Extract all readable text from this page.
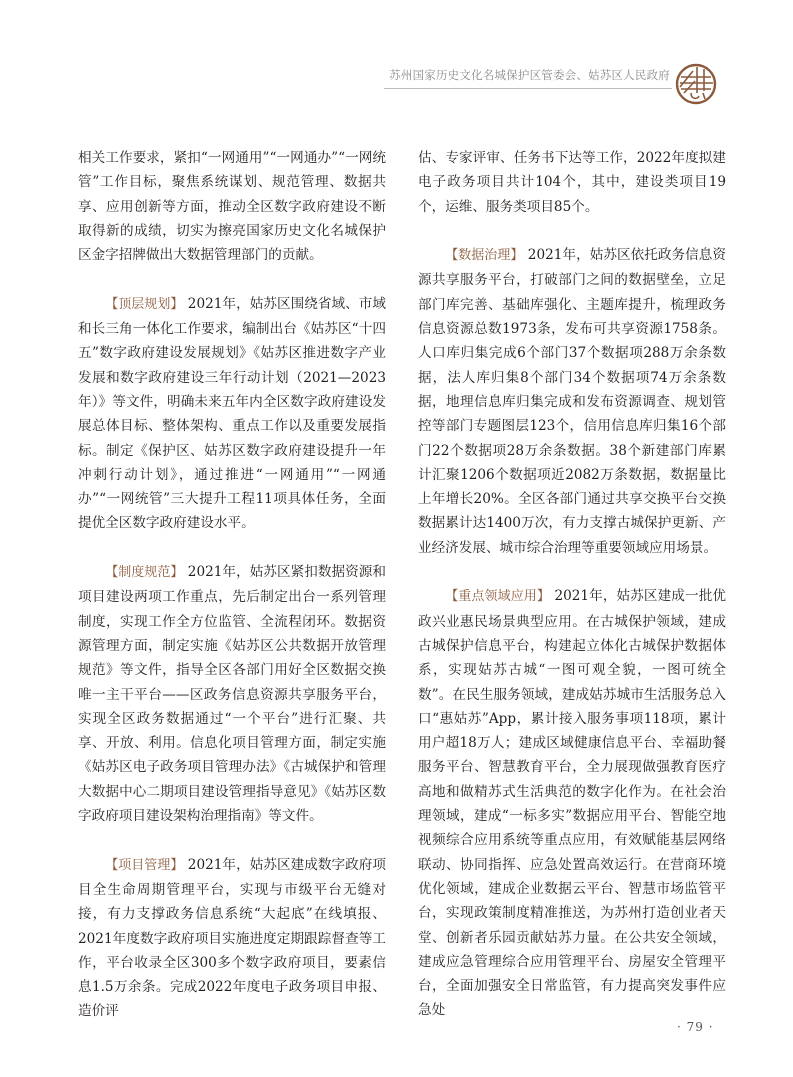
苏州国家历史文化名城保护区管委会、姑苏区人民政府

相关工作要求，紧扣“一网通用”“一网通办”“一网统管”工作目标，聚焦系统谋划、规范管理、数据共享、应用创新等方面，推动全区数字政府建设不断取得新的成绩，切实为擦亮国家历史文化名城保护区金字招牌做出大数据管理部门的贡献。

【顶层规划】 2021年，姑苏区围绕省域、市域和长三角一体化工作要求，编制出台《姑苏区“十四五”数字政府建设发展规划》《姑苏区推进数字产业发展和数字政府建设三年行动计划（2021—2023年）》等文件，明确未来五年内全区数字政府建设发展总体目标、整体架构、重点工作以及重要发展指标。制定《保护区、姑苏区数字政府建设提升一年冲刺行动计划》，通过推进“一网通用”“一网通办”“一网统管”三大提升工程11项具体任务，全面提优全区数字政府建设水平。

【制度规范】 2021年，姑苏区紧扣数据资源和项目建设两项工作重点，先后制定出台一系列管理制度，实现工作全方位监管、全流程闭环。数据资源管理方面，制定实施《姑苏区公共数据开放管理规范》等文件，指导全区各部门用好全区数据交换唯一主干平台——区政务信息资源共享服务平台，实现全区政务数据通过“一个平台”进行汇聚、共享、开放、利用。信息化项目管理方面，制定实施《姑苏区电子政务项目管理办法》《古城保护和管理大数据中心二期项目建设管理指导意见》《姑苏区数字政府项目建设架构治理指南》等文件。

【项目管理】 2021年，姑苏区建成数字政府项目全生命周期管理平台，实现与市级平台无缝对接，有力支撑政务信息系统“大起底”在线填报、2021年度数字政府项目实施进度定期跟踪督查等工作，平台收录全区300多个数字政府项目，要素信息1.5万余条。完成2022年度电子政务项目申报、造价评

估、专家评审、任务书下达等工作，2022年度拟建电子政务项目共计104个，其中，建设类项目19个，运维、服务类项目85个。

【数据治理】 2021年，姑苏区依托政务信息资源共享服务平台，打破部门之间的数据壁垒，立足部门库完善、基础库强化、主题库提升，梳理政务信息资源总数1973条，发布可共享资源1758条。人口库归集完成6个部门37个数据项288万余条数据，法人库归集8个部门34个数据项74万余条数据，地理信息库归集完成和发布资源调查、规划管控等部门专题图层123个，信用信息库归集16个部门22个数据项28万余条数据。38个新建部门库累计汇聚1206个数据项近2082万条数据，数据量比上年增长20%。全区各部门通过共享交换平台交换数据累计达1400万次，有力支撑古城保护更新、产业经济发展、城市综合治理等重要领域应用场景。

【重点领域应用】 2021年，姑苏区建成一批优政兴业惠民场景典型应用。在古城保护领域，建成古城保护信息平台，构建起立体化古城保护数据体系，实现姑苏古城“一图可观全貌，一图可统全数”。在民生服务领域，建成姑苏城市生活服务总入口“惠姑苏”App，累计接入服务事项118项，累计用户超18万人；建成区域健康信息平台、幸福助餐服务平台、智慧教育平台，全力展现做强教育医疗高地和做精苏式生活典范的数字化作为。在社会治理领域，建成“一标多实”数据应用平台、智能空地视频综合应用系统等重点应用，有效赋能基层网络联动、协同指挥、应急处置高效运行。在营商环境优化领域，建成企业数据云平台、智慧市场监管平台，实现政策制度精准推送，为苏州打造创业者天堂、创新者乐园贡献姑苏力量。在公共安全领域，建成应急管理综合应用管理平台、房屋安全管理平台，全面加强安全日常监管，有力提高突发事件应急处

· 79 ·
